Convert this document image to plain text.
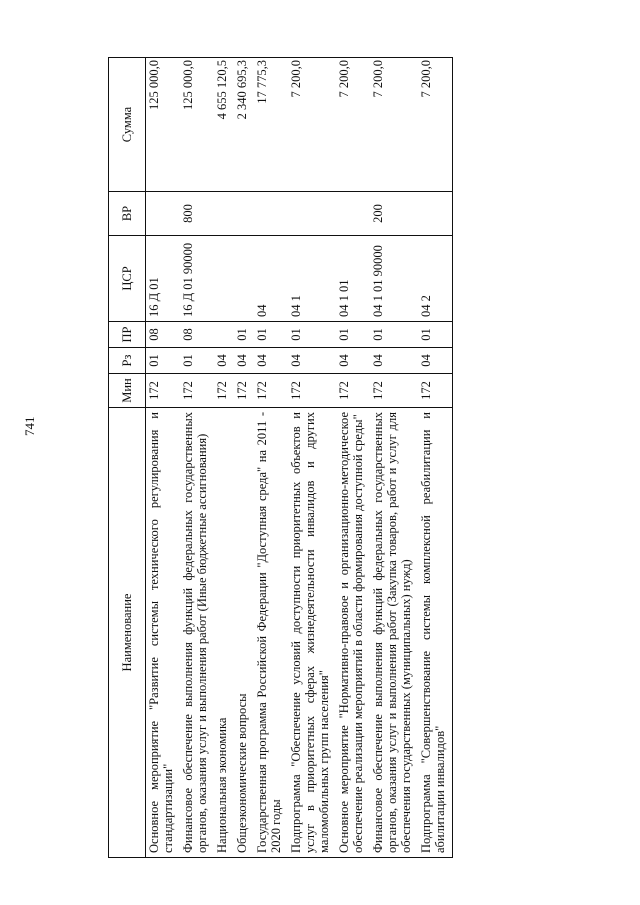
741
Наименование	Мин	Рз	ПР	ЦСР	ВР	Сумма
Основное мероприятие "Развитие системы технического регулирования и стандартизации"	172	01	08	16 Д 01		125 000,0
Финансовое обеспечение выполнения функций федеральных государственных органов, оказания услуг и выполнения работ (Иные бюджетные ассигнования)	172	01	08	16 Д 01 90000	800	125 000,0
Национальная экономика	172	04				4 655 120,5
Общеэкономические вопросы	172	04	01			2 340 695,3
Государственная программа Российской Федерации "Доступная среда" на 2011 - 2020 годы	172	04	01	04		17 775,3
Подпрограмма "Обеспечение условий доступности приоритетных объектов и услуг в приоритетных сферах жизнедеятельности инвалидов и других маломобильных групп населения"	172	04	01	04 1		7 200,0
Основное мероприятие "Нормативно-правовое и организационно-методическое обеспечение реализации мероприятий в области формирования доступной среды"	172	04	01	04 1 01		7 200,0
Финансовое обеспечение выполнения функций федеральных государственных органов, оказания услуг и выполнения работ (Закупка товаров, работ и услуг для обеспечения государственных (муниципальных) нужд)	172	04	01	04 1 01 90000	200	7 200,0
Подпрограмма "Совершенствование системы комплексной реабилитации и абилитации инвалидов"	172	04	01	04 2		7 200,0
